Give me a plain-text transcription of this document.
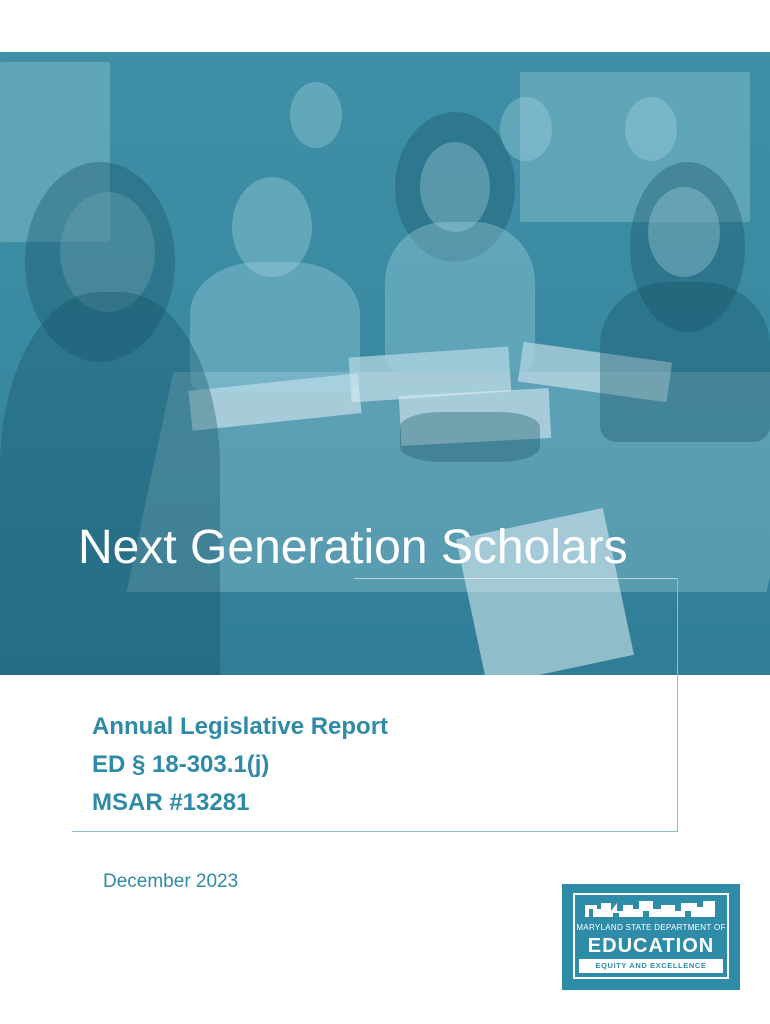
Next Generation Scholars
Annual Legislative Report
ED § 18-303.1(j)
MSAR #13281
December 2023
MARYLAND STATE DEPARTMENT OF
EDUCATION
EQUITY AND EXCELLENCE
